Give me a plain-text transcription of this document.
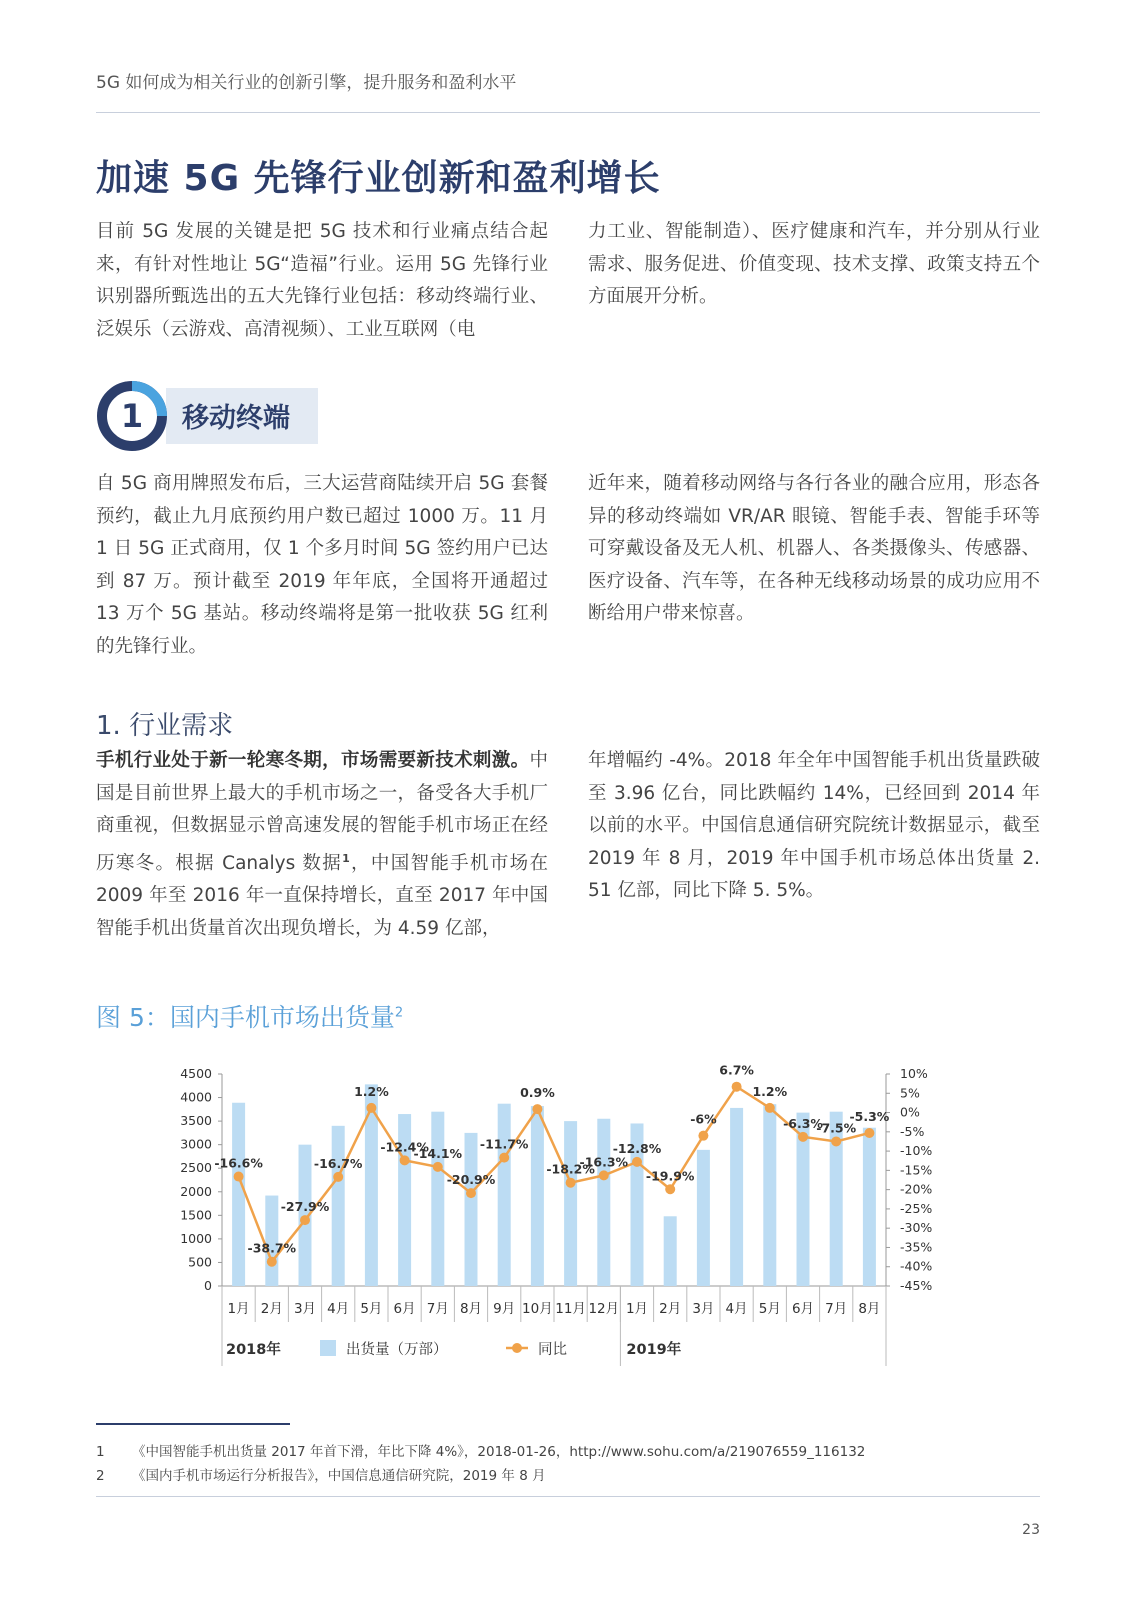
5G 如何成为相关行业的创新引擎，提升服务和盈利水平
加速 5G 先锋行业创新和盈利增长
目前 5G 发展的关键是把 5G 技术和行业痛点结合起来，有针对性地让 5G“造福”行业。运用 5G 先锋行业识别器所甄选出的五大先锋行业包括：移动终端行业、泛娱乐（云游戏、高清视频）、工业互联网（电
力工业、智能制造）、医疗健康和汽车，并分别从行业需求、服务促进、价值变现、技术支撑、政策支持五个方面展开分析。
1 移动终端
自 5G 商用牌照发布后，三大运营商陆续开启 5G 套餐预约，截止九月底预约用户数已超过 1000 万。11 月 1 日 5G 正式商用，仅 1 个多月时间 5G 签约用户已达到 87 万。预计截至 2019 年年底，全国将开通超过 13 万个 5G 基站。移动终端将是第一批收获 5G 红利的先锋行业。
近年来，随着移动网络与各行各业的融合应用，形态各异的移动终端如 VR/AR 眼镜、智能手表、智能手环等可穿戴设备及无人机、机器人、各类摄像头、传感器、医疗设备、汽车等，在各种无线移动场景的成功应用不断给用户带来惊喜。
1. 行业需求
手机行业处于新一轮寒冬期，市场需要新技术刺激。中国是目前世界上最大的手机市场之一，备受各大手机厂商重视，但数据显示曾高速发展的智能手机市场正在经历寒冬。根据 Canalys 数据$^1$，中国智能手机市场在 2009 年至 2016 年一直保持增长，直至 2017 年中国智能手机出货量首次出现负增长，为 4.59 亿部，
年增幅约 -4%。2018 年全年中国智能手机出货量跌破至 3.96 亿台，同比跌幅约 14%，已经回到 2014 年以前的水平。中国信息通信研究院统计数据显示，截至 2019 年 8 月，2019 年中国手机市场总体出货量 2. 51 亿部，同比下降 5. 5%。
图 5：国内手机市场出货量$^2$
0
500
1000
1500
2000
2500
3000
3500
4000
4500
-45%
-40%
-35%
-30%
-25%
-20%
-15%
-10%
-5%
0%
5%
10%
-16.6%
-38.7%
-27.9%
-16.7%
1.2%
-12.4%
-14.1%
-20.9%
-11.7%
0.9%
-18.2%
-16.3%
-12.8%
-19.9%
-6%
6.7%
1.2%
-6.3%
-7.5%
-5.3%
1月 2月 3月 4月 5月 6月 7月 8月 9月 10月 11月 12月 1月 2月 3月 4月 5月 6月 7月 8月
2018年	2019年
出货量（万部）	同比
1 《中国智能手机出货量 2017 年首下滑，年比下降 4%》，2018-01-26，http://www.sohu.com/a/219076559_116132
2 《国内手机市场运行分析报告》，中国信息通信研究院，2019 年 8 月
23
